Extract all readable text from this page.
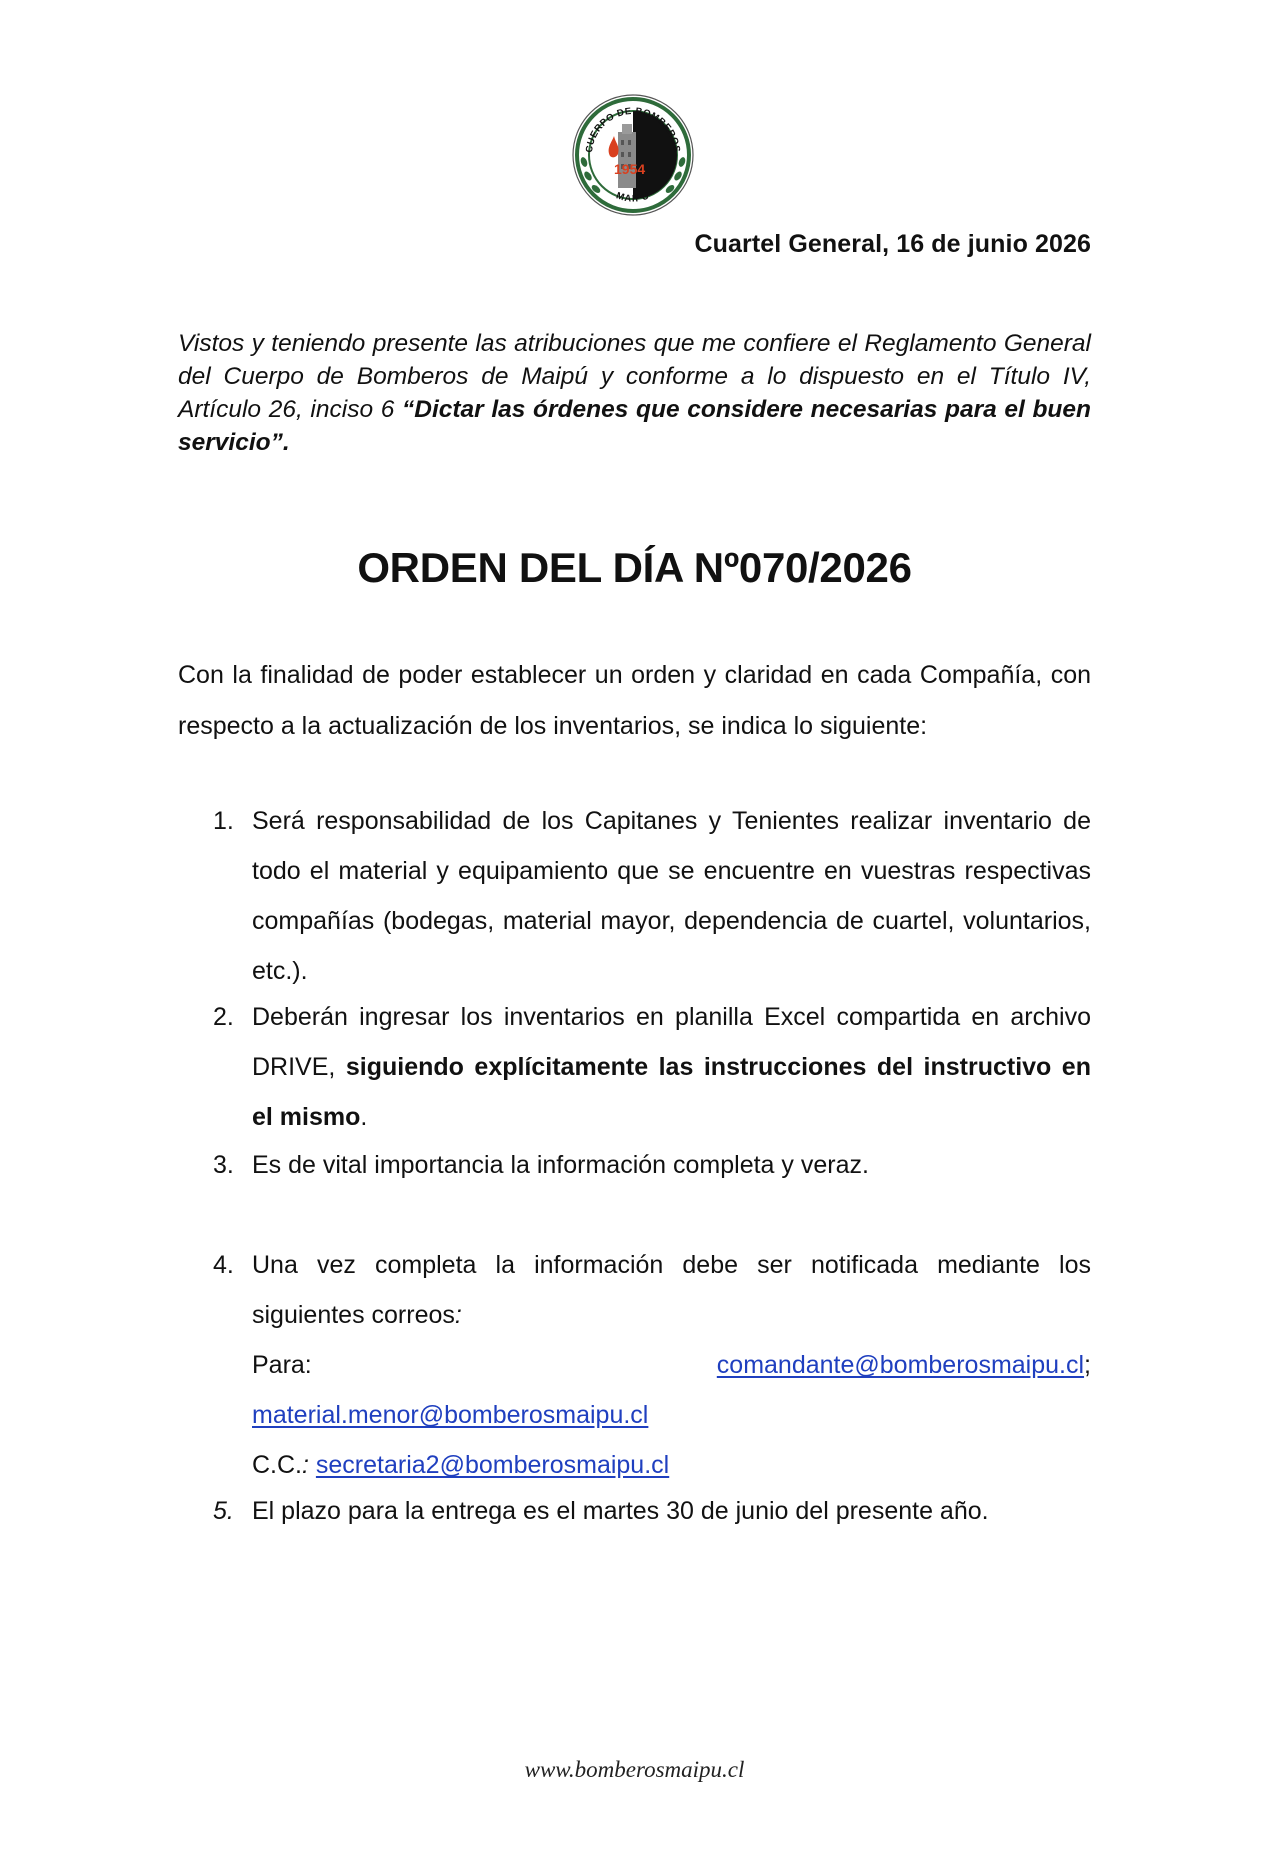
1954
CUERPO DE BOMBEROS
MAIPU
Cuartel General, 16 de junio 2026
Vistos y teniendo presente las atribuciones que me confiere el Reglamento General del Cuerpo de Bomberos de Maipú y conforme a lo dispuesto en el Título IV, Artículo 26, inciso 6 “Dictar las órdenes que considere necesarias para el buen servicio”.
ORDEN DEL DÍA Nº070/2026
Con la finalidad de poder establecer un orden y claridad en cada Compañía, con respecto a la actualización de los inventarios, se indica lo siguiente:
1. Será responsabilidad de los Capitanes y Tenientes realizar inventario de todo el material y equipamiento que se encuentre en vuestras respectivas compañías (bodegas, material mayor, dependencia de cuartel, voluntarios, etc.).
2. Deberán ingresar los inventarios en planilla Excel compartida en archivo DRIVE, siguiendo explícitamente las instrucciones del instructivo en el mismo.
3. Es de vital importancia la información completa y veraz.
4. Una vez completa la información debe ser notificada mediante los siguientes correos:
Para: comandante@bomberosmaipu.cl; material.menor@bomberosmaipu.cl
C.C.: secretaria2@bomberosmaipu.cl
5. El plazo para la entrega es el martes 30 de junio del presente año.
www.bomberosmaipu.cl
